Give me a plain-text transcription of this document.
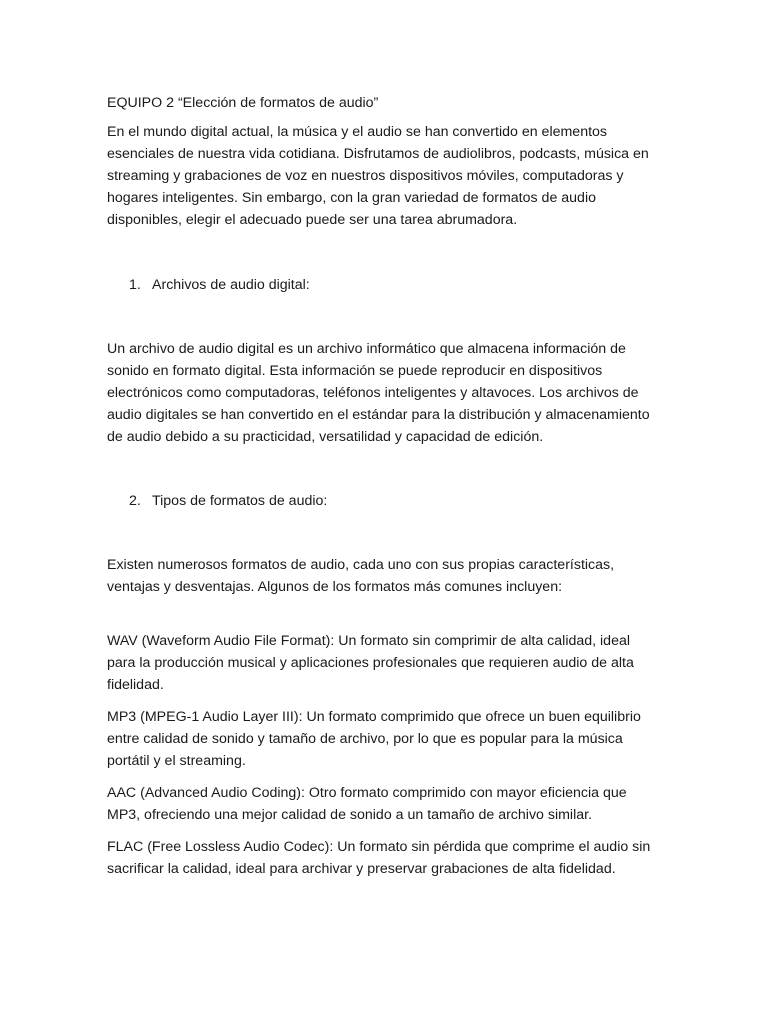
EQUIPO 2 “Elección de formatos de audio”

En el mundo digital actual, la música y el audio se han convertido en elementos esenciales de nuestra vida cotidiana. Disfrutamos de audiolibros, podcasts, música en streaming y grabaciones de voz en nuestros dispositivos móviles, computadoras y hogares inteligentes. Sin embargo, con la gran variedad de formatos de audio disponibles, elegir el adecuado puede ser una tarea abrumadora.

1. Archivos de audio digital:

Un archivo de audio digital es un archivo informático que almacena información de sonido en formato digital. Esta información se puede reproducir en dispositivos electrónicos como computadoras, teléfonos inteligentes y altavoces. Los archivos de audio digitales se han convertido en el estándar para la distribución y almacenamiento de audio debido a su practicidad, versatilidad y capacidad de edición.

2. Tipos de formatos de audio:

Existen numerosos formatos de audio, cada uno con sus propias características, ventajas y desventajas. Algunos de los formatos más comunes incluyen:

WAV (Waveform Audio File Format): Un formato sin comprimir de alta calidad, ideal para la producción musical y aplicaciones profesionales que requieren audio de alta fidelidad.

MP3 (MPEG-1 Audio Layer III): Un formato comprimido que ofrece un buen equilibrio entre calidad de sonido y tamaño de archivo, por lo que es popular para la música portátil y el streaming.

AAC (Advanced Audio Coding): Otro formato comprimido con mayor eficiencia que MP3, ofreciendo una mejor calidad de sonido a un tamaño de archivo similar.

FLAC (Free Lossless Audio Codec): Un formato sin pérdida que comprime el audio sin sacrificar la calidad, ideal para archivar y preservar grabaciones de alta fidelidad.
